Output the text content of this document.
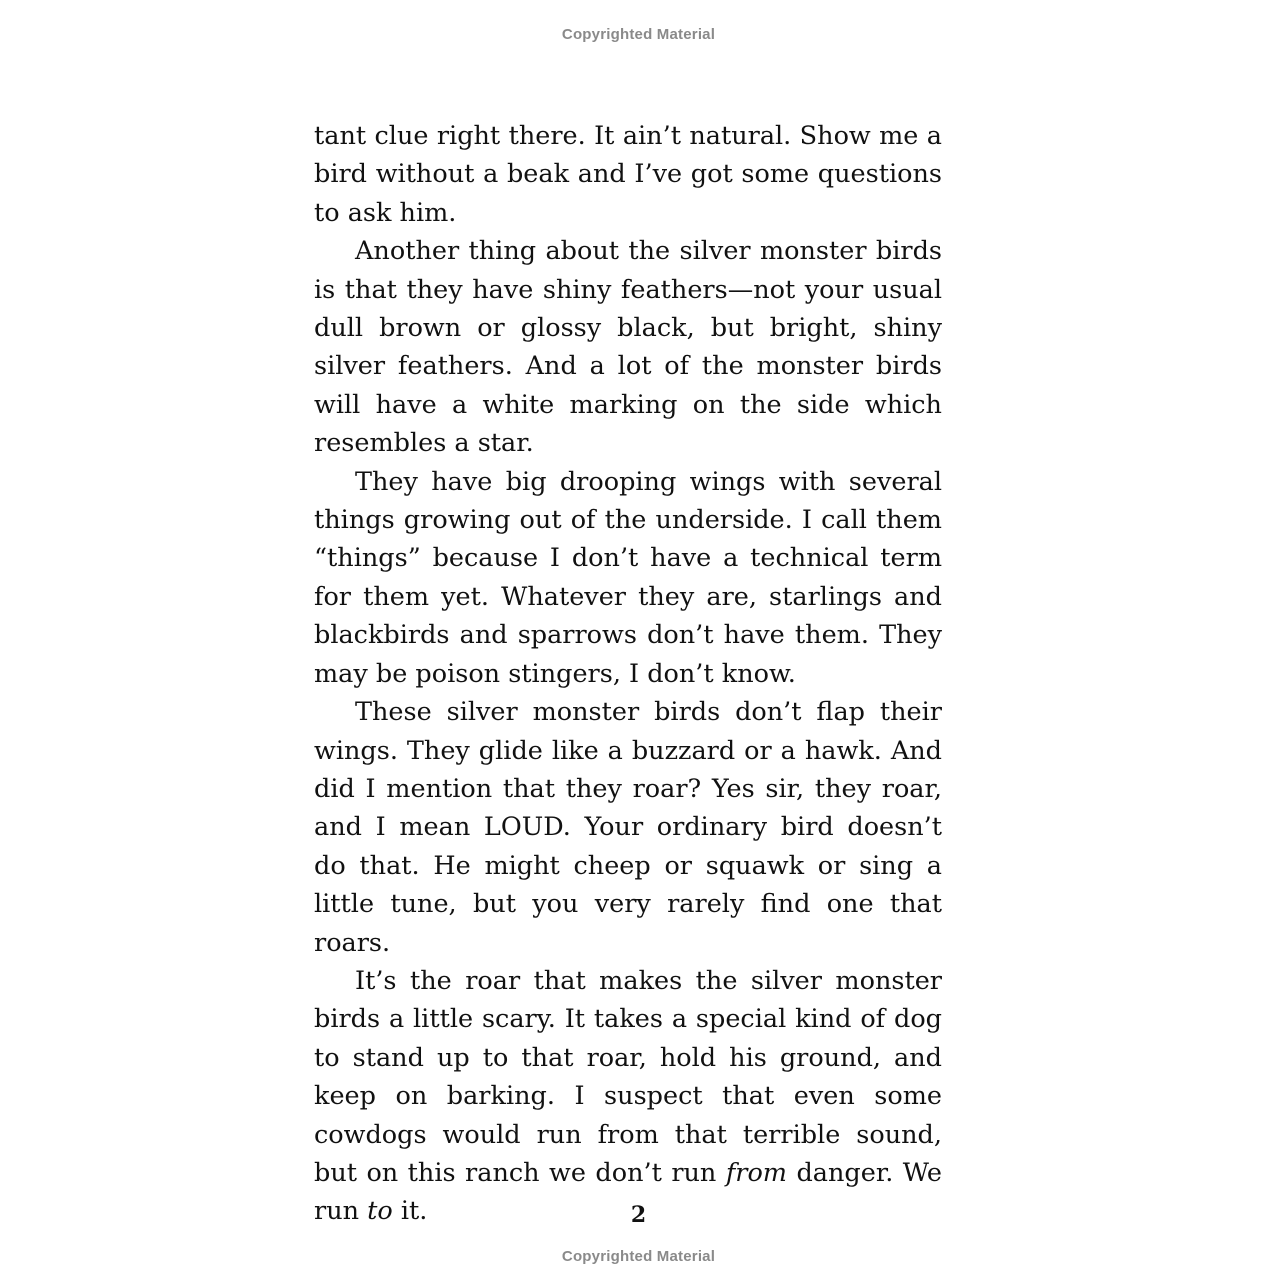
Copyrighted Material

tant clue right there. It ain’t natural. Show me a bird without a beak and I’ve got some questions to ask him.

Another thing about the silver monster birds is that they have shiny feathers—not your usual dull brown or glossy black, but bright, shiny silver feathers. And a lot of the monster birds will have a white marking on the side which resembles a star.

They have big drooping wings with several things growing out of the underside. I call them “things” because I don’t have a technical term for them yet. Whatever they are, starlings and blackbirds and sparrows don’t have them. They may be poison stingers, I don’t know.

These silver monster birds don’t flap their wings. They glide like a buzzard or a hawk. And did I mention that they roar? Yes sir, they roar, and I mean LOUD. Your ordinary bird doesn’t do that. He might cheep or squawk or sing a little tune, but you very rarely find one that roars.

It’s the roar that makes the silver monster birds a little scary. It takes a special kind of dog to stand up to that roar, hold his ground, and keep on barking. I suspect that even some cowdogs would run from that terrible sound, but on this ranch we don’t run from danger. We run to it.	2
Copyrighted Material
